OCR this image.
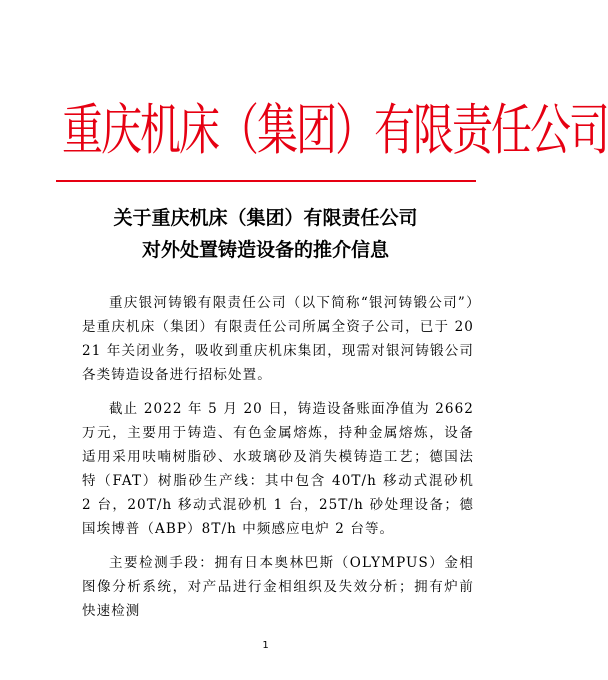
重庆机床（集团）有限责任公司
关于重庆机床（集团）有限责任公司
对外处置铸造设备的推介信息

重庆银河铸锻有限责任公司（以下简称“银河铸锻公司”）是重庆机床（集团）有限责任公司所属全资子公司，已于 2021 年关闭业务，吸收到重庆机床集团，现需对银河铸锻公司各类铸造设备进行招标处置。

截止 2022 年 5 月 20 日，铸造设备账面净值为 2662 万元，主要用于铸造、有色金属熔炼，持种金属熔炼，设备适用采用呋喃树脂砂、水玻璃砂及消失模铸造工艺；德国法特（FAT）树脂砂生产线：其中包含 40T/h 移动式混砂机 2 台，20T/h 移动式混砂机 1 台，25T/h 砂处理设备；德国埃博普（ABP）8T/h 中频感应电炉 2 台等。

主要检测手段：拥有日本奥林巴斯（OLYMPUS）金相图像分析系统，对产品进行金相组织及失效分析；拥有炉前快速检测

1
